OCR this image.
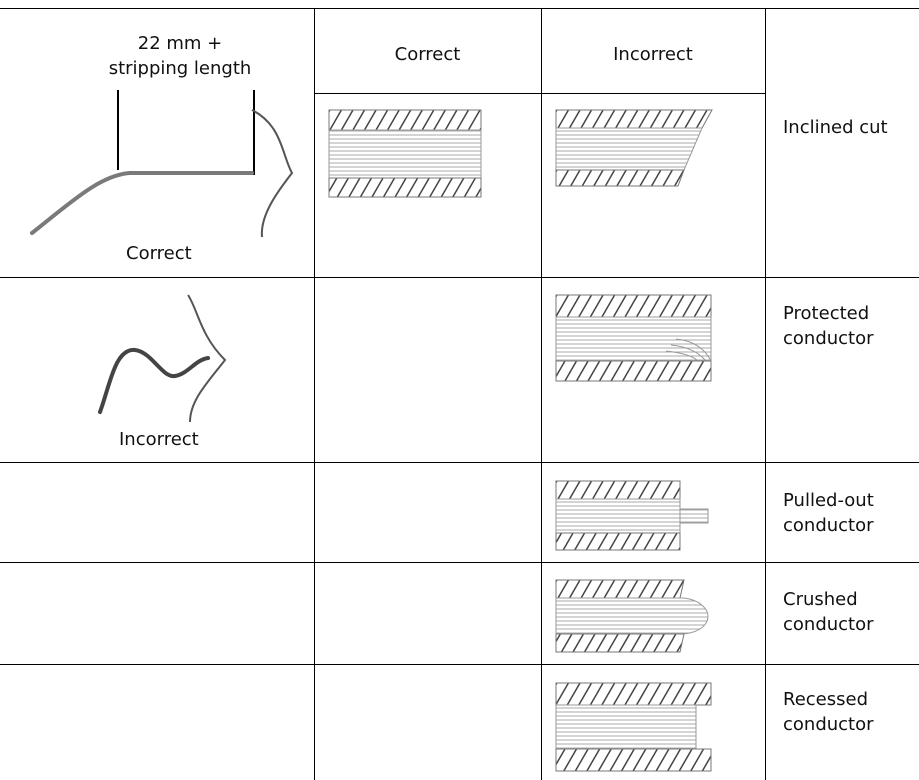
22 mm +
stripping length
Correct	Incorrect
Correct
Inclined cut
Incorrect
Protected
conductor
Pulled-out
conductor
Crushed
conductor
Recessed
conductor
